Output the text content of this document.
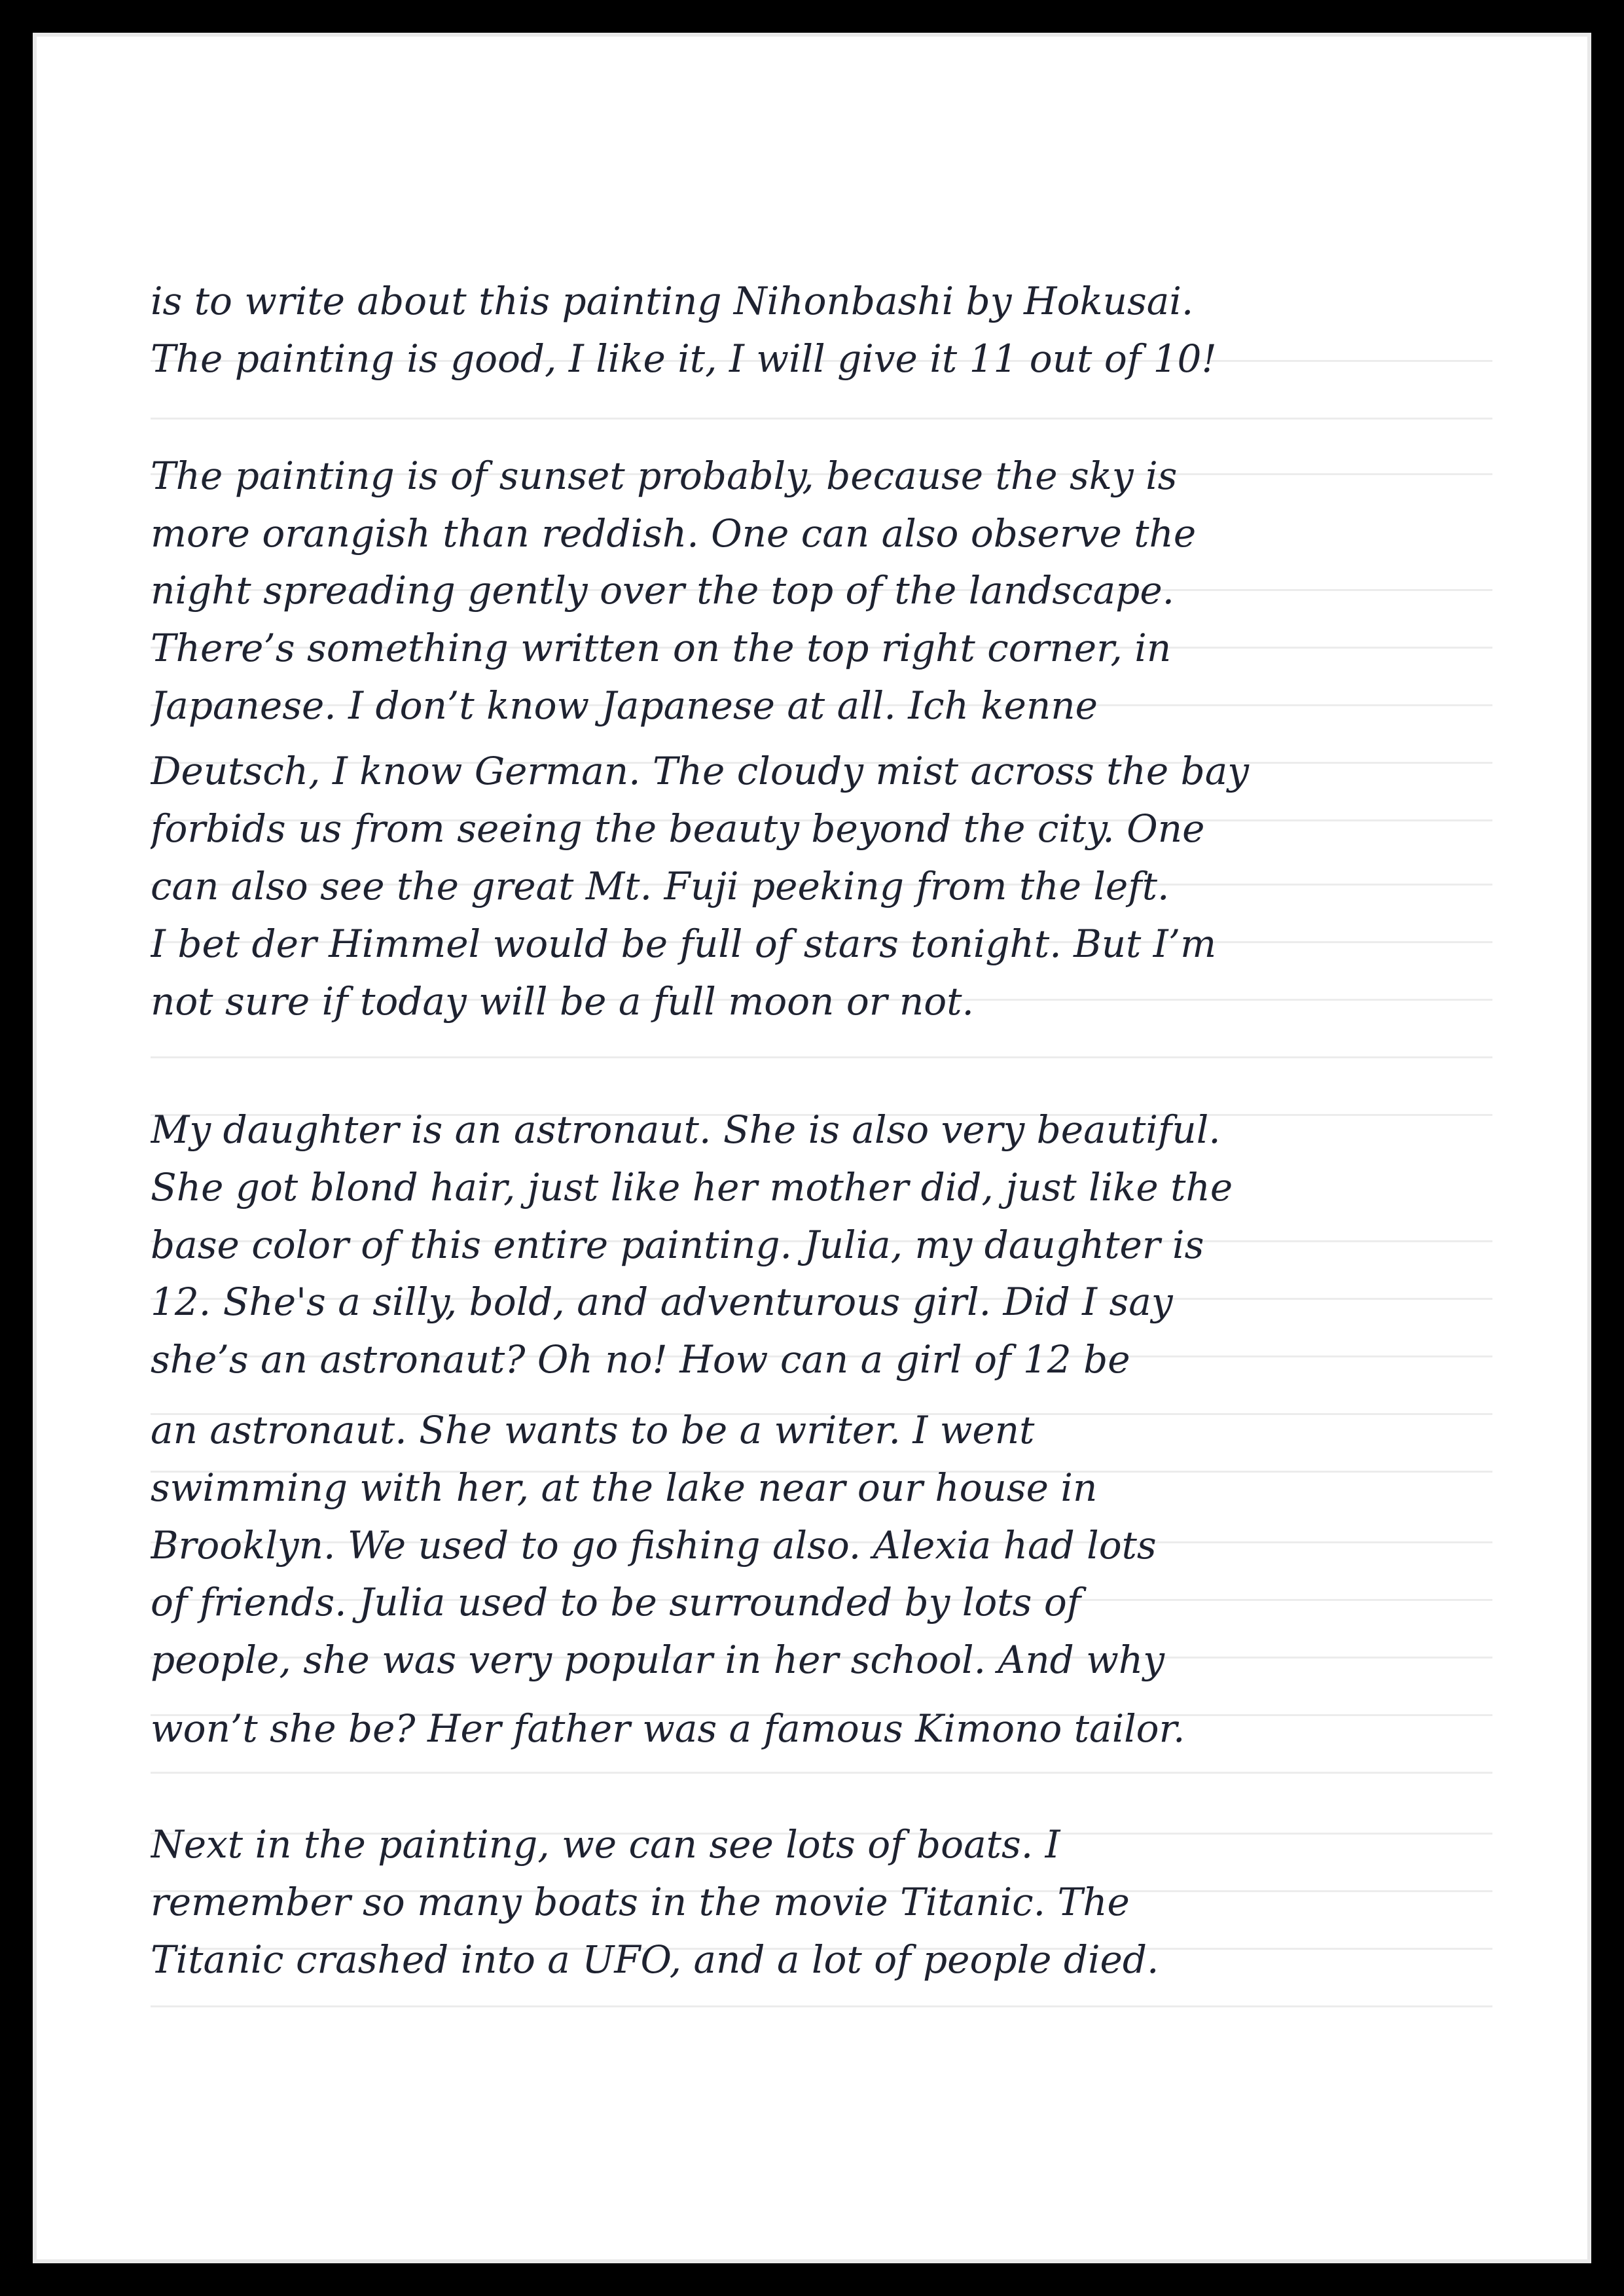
is to write about this painting Nihonbashi by Hokusai.
The painting is good, I like it, I will give it 11 out of 10!
The painting is of sunset probably, because the sky is
more orangish than reddish. One can also observe the
night spreading gently over the top of the landscape.
There’s something written on the top right corner, in
Japanese. I don’t know Japanese at all. Ich kenne
Deutsch, I know German. The cloudy mist across the bay
forbids us from seeing the beauty beyond the city. One
can also see the great Mt. Fuji peeking from the left.
I bet der Himmel would be full of stars tonight. But I’m
not sure if today will be a full moon or not.
My daughter is an astronaut. She is also very beautiful.
She got blond hair, just like her mother did, just like the
base color of this entire painting. Julia, my daughter is
12. She's a silly, bold, and adventurous girl. Did I say
she’s an astronaut? Oh no! How can a girl of 12 be
an astronaut. She wants to be a writer. I went
swimming with her, at the lake near our house in
Brooklyn. We used to go fishing also. Alexia had lots
of friends. Julia used to be surrounded by lots of
people, she was very popular in her school. And why
won’t she be? Her father was a famous Kimono tailor.
Next in the painting, we can see lots of boats. I
remember so many boats in the movie Titanic. The
Titanic crashed into a UFO, and a lot of people died.
